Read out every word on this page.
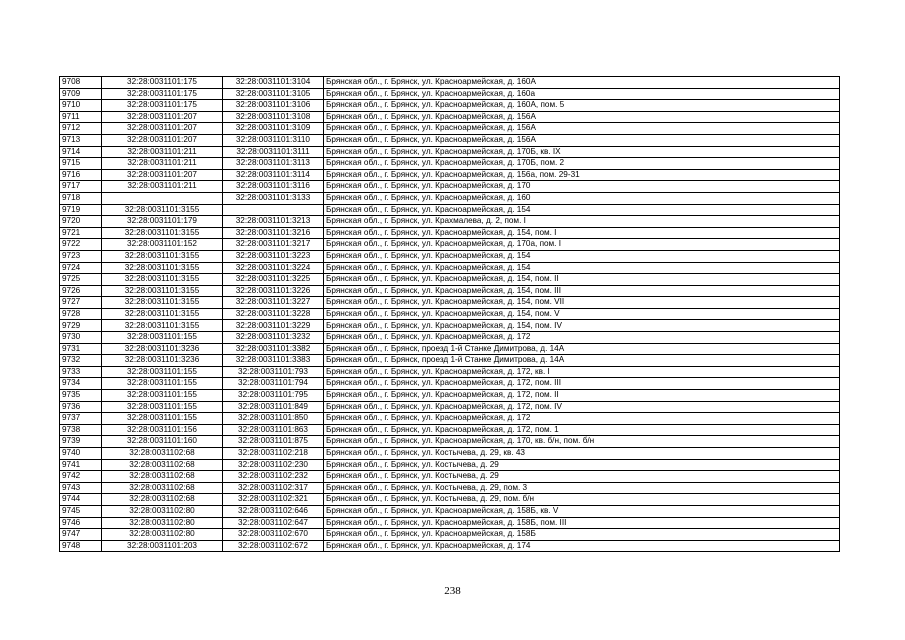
9708	32:28:0031101:175	32:28:0031101:3104	Брянская обл., г. Брянск, ул. Красноармейская, д. 160А
9709	32:28:0031101:175	32:28:0031101:3105	Брянская обл., г. Брянск, ул. Красноармейская, д. 160а
9710	32:28:0031101:175	32:28:0031101:3106	Брянская обл., г. Брянск, ул. Красноармейская, д. 160А, пом. 5
9711	32:28:0031101:207	32:28:0031101:3108	Брянская обл., г. Брянск, ул. Красноармейская, д. 156А
9712	32:28:0031101:207	32:28:0031101:3109	Брянская обл., г. Брянск, ул. Красноармейская, д. 156А
9713	32:28:0031101:207	32:28:0031101:3110	Брянская обл., г. Брянск, ул. Красноармейская, д. 156А
9714	32:28:0031101:211	32:28:0031101:3111	Брянская обл., г. Брянск, ул. Красноармейская, д. 170Б, кв. IX
9715	32:28:0031101:211	32:28:0031101:3113	Брянская обл., г. Брянск, ул. Красноармейская, д. 170Б, пом. 2
9716	32:28:0031101:207	32:28:0031101:3114	Брянская обл., г. Брянск, ул. Красноармейская, д. 156а, пом. 29-31
9717	32:28:0031101:211	32:28:0031101:3116	Брянская обл., г. Брянск, ул. Красноармейская, д. 170
9718		32:28:0031101:3133	Брянская обл., г. Брянск, ул. Красноармейская, д. 160
9719	32:28:0031101:3155		Брянская обл., г. Брянск, ул. Красноармейская, д. 154
9720	32:28:0031101:179	32:28:0031101:3213	Брянская обл., г. Брянск, ул. Крахмалева, д. 2, пом. I
9721	32:28:0031101:3155	32:28:0031101:3216	Брянская обл., г. Брянск, ул. Красноармейская, д. 154, пом. I
9722	32:28:0031101:152	32:28:0031101:3217	Брянская обл., г. Брянск, ул. Красноармейская, д. 170а, пом. I
9723	32:28:0031101:3155	32:28:0031101:3223	Брянская обл., г. Брянск, ул. Красноармейская, д. 154
9724	32:28:0031101:3155	32:28:0031101:3224	Брянская обл., г. Брянск, ул. Красноармейская, д. 154
9725	32:28:0031101:3155	32:28:0031101:3225	Брянская обл., г. Брянск, ул. Красноармейская, д. 154, пом. II
9726	32:28:0031101:3155	32:28:0031101:3226	Брянская обл., г. Брянск, ул. Красноармейская, д. 154, пом. III
9727	32:28:0031101:3155	32:28:0031101:3227	Брянская обл., г. Брянск, ул. Красноармейская, д. 154, пом. VII
9728	32:28:0031101:3155	32:28:0031101:3228	Брянская обл., г. Брянск, ул. Красноармейская, д. 154, пом. V
9729	32:28:0031101:3155	32:28:0031101:3229	Брянская обл., г. Брянск, ул. Красноармейская, д. 154, пом. IV
9730	32:28:0031101:155	32:28:0031101:3232	Брянская обл., г. Брянск, ул. Красноармейская, д. 172
9731	32:28:0031101:3236	32:28:0031101:3382	Брянская обл., г. Брянск, проезд 1-й Станке Димитрова, д. 14А
9732	32:28:0031101:3236	32:28:0031101:3383	Брянская обл., г. Брянск, проезд 1-й Станке Димитрова, д. 14А
9733	32:28:0031101:155	32:28:0031101:793	Брянская обл., г. Брянск, ул. Красноармейская, д. 172, кв. I
9734	32:28:0031101:155	32:28:0031101:794	Брянская обл., г. Брянск, ул. Красноармейская, д. 172, пом. III
9735	32:28:0031101:155	32:28:0031101:795	Брянская обл., г. Брянск, ул. Красноармейская, д. 172, пом. II
9736	32:28:0031101:155	32:28:0031101:849	Брянская обл., г. Брянск, ул. Красноармейская, д. 172, пом. IV
9737	32:28:0031101:155	32:28:0031101:850	Брянская обл., г. Брянск, ул. Красноармейская, д. 172
9738	32:28:0031101:156	32:28:0031101:863	Брянская обл., г. Брянск, ул. Красноармейская, д. 172, пом. 1
9739	32:28:0031101:160	32:28:0031101:875	Брянская обл., г. Брянск, ул. Красноармейская, д. 170, кв. б/н, пом. б/н
9740	32:28:0031102:68	32:28:0031102:218	Брянская обл., г. Брянск, ул. Костычева, д. 29, кв. 43
9741	32:28:0031102:68	32:28:0031102:230	Брянская обл., г. Брянск, ул. Костычева, д. 29
9742	32:28:0031102:68	32:28:0031102:232	Брянская обл., г. Брянск, ул. Костычева, д. 29
9743	32:28:0031102:68	32:28:0031102:317	Брянская обл., г. Брянск, ул. Костычева, д. 29, пом. 3
9744	32:28:0031102:68	32:28:0031102:321	Брянская обл., г. Брянск, ул. Костычева, д. 29, пом. б/н
9745	32:28:0031102:80	32:28:0031102:646	Брянская обл., г. Брянск, ул. Красноармейская, д. 158Б, кв. V
9746	32:28:0031102:80	32:28:0031102:647	Брянская обл., г. Брянск, ул. Красноармейская, д. 158Б, пом. III
9747	32:28:0031102:80	32:28:0031102:670	Брянская обл., г. Брянск, ул. Красноармейская, д. 158Б
9748	32:28:0031101:203	32:28:0031102:672	Брянская обл., г. Брянск, ул. Красноармейская, д. 174
238
